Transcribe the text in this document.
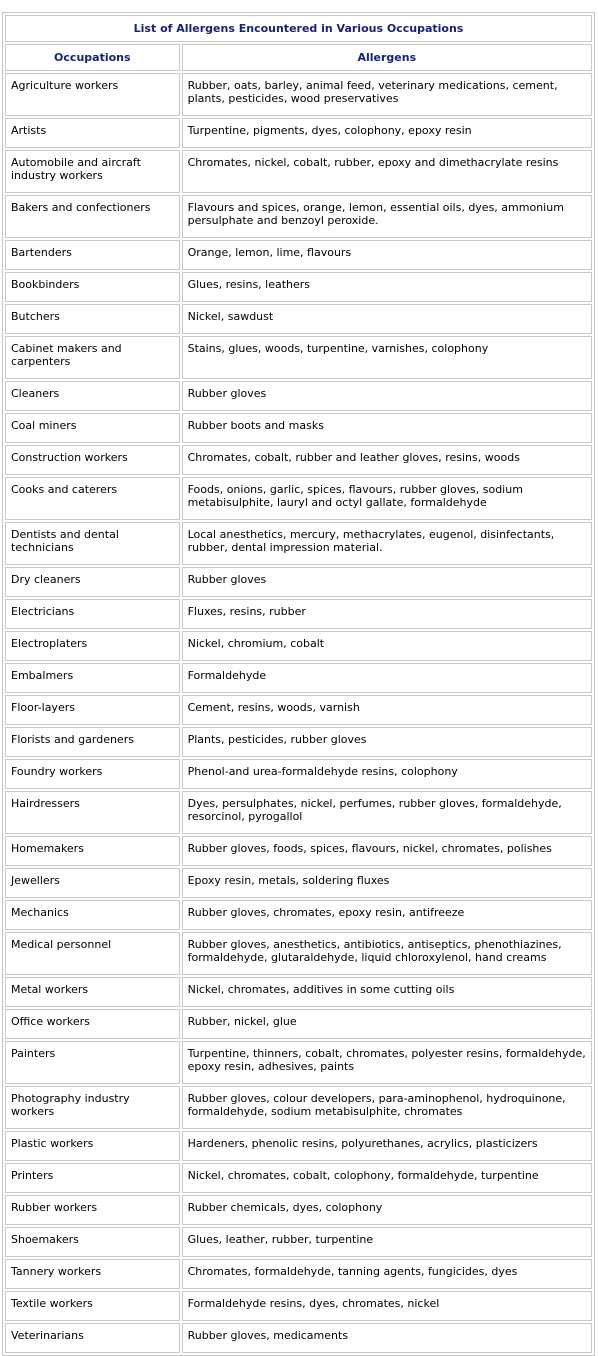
List of Allergens Encountered in Various Occupations	
Occupations	Allergens
Agriculture workers	Rubber, oats, barley, animal feed, veterinary medications, cement, plants, pesticides, wood preservatives
Artists	Turpentine, pigments, dyes, colophony, epoxy resin
Automobile and aircraft industry workers	Chromates, nickel, cobalt, rubber, epoxy and dimethacrylate resins
Bakers and confectioners	Flavours and spices, orange, lemon, essential oils, dyes, ammonium persulphate and benzoyl peroxide.
Bartenders	Orange, lemon, lime, flavours
Bookbinders	Glues, resins, leathers
Butchers	Nickel, sawdust
Cabinet makers and carpenters	Stains, glues, woods, turpentine, varnishes, colophony
Cleaners	Rubber gloves
Coal miners	Rubber boots and masks
Construction workers	Chromates, cobalt, rubber and leather gloves, resins, woods
Cooks and caterers	Foods, onions, garlic, spices, flavours, rubber gloves, sodium metabisulphite, lauryl and octyl gallate, formaldehyde
Dentists and dental technicians	Local anesthetics, mercury, methacrylates, eugenol, disinfectants, rubber, dental impression material.
Dry cleaners	Rubber gloves
Electricians	Fluxes, resins, rubber
Electroplaters	Nickel, chromium, cobalt
Embalmers	Formaldehyde
Floor-layers	Cement, resins, woods, varnish
Florists and gardeners	Plants, pesticides, rubber gloves
Foundry workers	Phenol-and urea-formaldehyde resins, colophony
Hairdressers	Dyes, persulphates, nickel, perfumes, rubber gloves, formaldehyde, resorcinol, pyrogallol
Homemakers	Rubber gloves, foods, spices, flavours, nickel, chromates, polishes
Jewellers	Epoxy resin, metals, soldering fluxes
Mechanics	Rubber gloves, chromates, epoxy resin, antifreeze
Medical personnel	Rubber gloves, anesthetics, antibiotics, antiseptics, phenothiazines, formaldehyde, glutaraldehyde, liquid chloroxylenol, hand creams
Metal workers	Nickel, chromates, additives in some cutting oils
Office workers	Rubber, nickel, glue
Painters	Turpentine, thinners, cobalt, chromates, polyester resins, formaldehyde, epoxy resin, adhesives, paints
Photography industry workers	Rubber gloves, colour developers, para-aminophenol, hydroquinone, formaldehyde, sodium metabisulphite, chromates
Plastic workers	Hardeners, phenolic resins, polyurethanes, acrylics, plasticizers
Printers	Nickel, chromates, cobalt, colophony, formaldehyde, turpentine
Rubber workers	Rubber chemicals, dyes, colophony
Shoemakers	Glues, leather, rubber, turpentine
Tannery workers	Chromates, formaldehyde, tanning agents, fungicides, dyes
Textile workers	Formaldehyde resins, dyes, chromates, nickel
Veterinarians	Rubber gloves, medicaments
